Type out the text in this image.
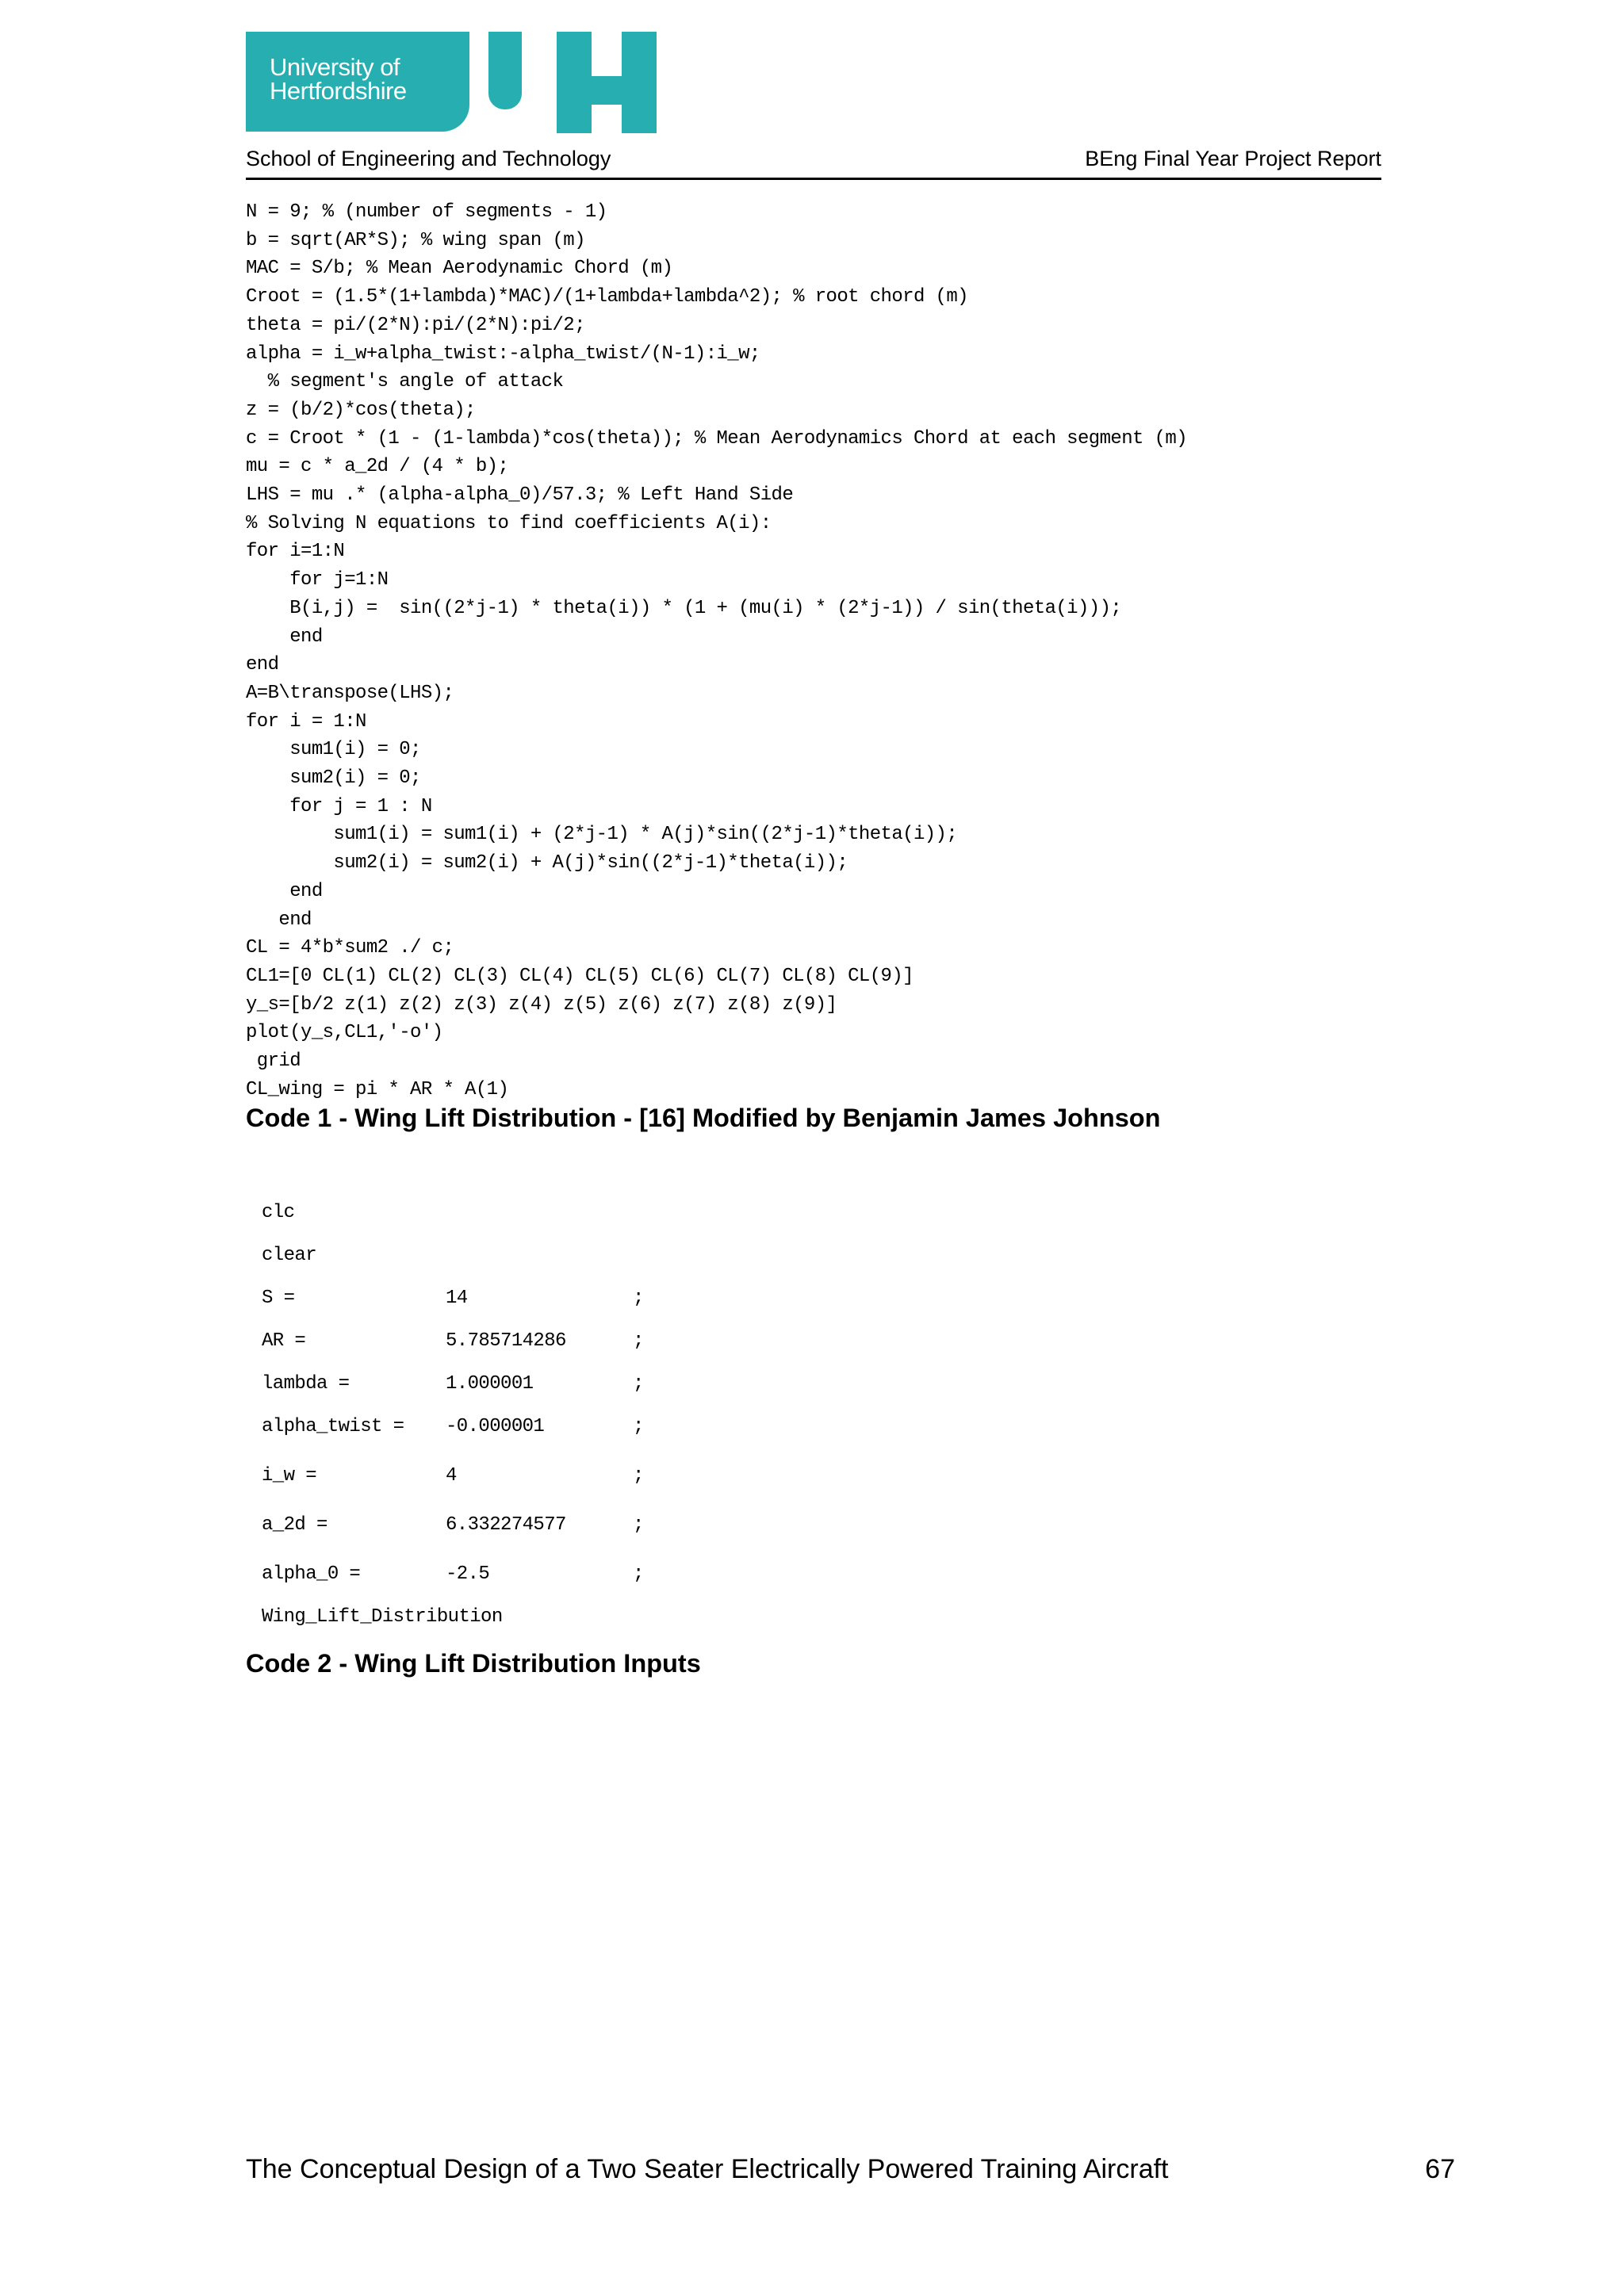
University of
Hertfordshire
School of Engineering and Technology	BEng Final Year Project Report
N = 9; % (number of segments - 1)
b = sqrt(AR*S); % wing span (m)
MAC = S/b; % Mean Aerodynamic Chord (m)
Croot = (1.5*(1+lambda)*MAC)/(1+lambda+lambda^2); % root chord (m)
theta = pi/(2*N):pi/(2*N):pi/2;
alpha = i_w+alpha_twist:-alpha_twist/(N-1):i_w;
% segment's angle of attack
z = (b/2)*cos(theta);
c = Croot * (1 - (1-lambda)*cos(theta)); % Mean Aerodynamics Chord at each segment (m)
mu = c * a_2d / (4 * b);
LHS = mu .* (alpha-alpha_0)/57.3; % Left Hand Side
% Solving N equations to find coefficients A(i):
for i=1:N
for j=1:N
B(i,j) =  sin((2*j-1) * theta(i)) * (1 + (mu(i) * (2*j-1)) / sin(theta(i)));
end
end
A=B\transpose(LHS);
for i = 1:N
sum1(i) = 0;
sum2(i) = 0;
for j = 1 : N
sum1(i) = sum1(i) + (2*j-1) * A(j)*sin((2*j-1)*theta(i));
sum2(i) = sum2(i) + A(j)*sin((2*j-1)*theta(i));
end
end
CL = 4*b*sum2 ./ c;
CL1=[0 CL(1) CL(2) CL(3) CL(4) CL(5) CL(6) CL(7) CL(8) CL(9)]
y_s=[b/2 z(1) z(2) z(3) z(4) z(5) z(6) z(7) z(8) z(9)]
plot(y_s,CL1,'-o')
grid
CL_wing = pi * AR * A(1)
Code 1 - Wing Lift Distribution - [16] Modified by Benjamin James Johnson
clc
clear
S =	14	;
AR =	5.785714286	;
lambda =	1.000001	;
alpha_twist = -0.000001	;
i_w =	4	;
a_2d =	6.332274577	;
alpha_0 =	-2.5	;
Wing_Lift_Distribution
Code 2 - Wing Lift Distribution Inputs
The Conceptual Design of a Two Seater Electrically Powered Training Aircraft	67
